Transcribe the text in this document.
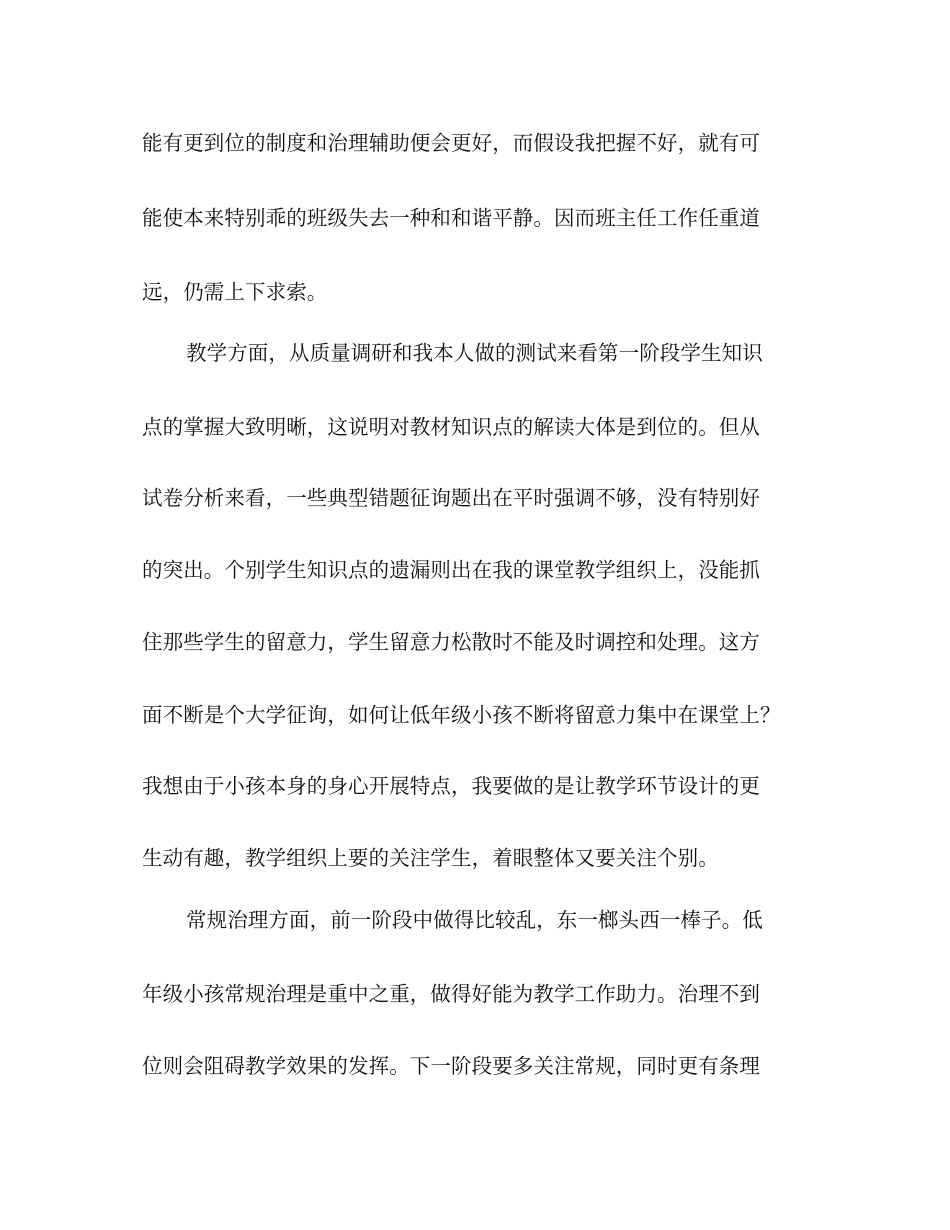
能有更到位的制度和治理辅助便会更好，而假设我把握不好，就有可
能使本来特别乖的班级失去一种和和谐平静。因而班主任工作任重道
远，仍需上下求索。
教学方面，从质量调研和我本人做的测试来看第一阶段学生知识
点的掌握大致明晰，这说明对教材知识点的解读大体是到位的。但从
试卷分析来看，一些典型错题征询题出在平时强调不够，没有特别好
的突出。个别学生知识点的遗漏则出在我的课堂教学组织上，没能抓
住那些学生的留意力，学生留意力松散时不能及时调控和处理。这方
面不断是个大学征询，如何让低年级小孩不断将留意力集中在课堂上？
我想由于小孩本身的身心开展特点，我要做的是让教学环节设计的更
生动有趣，教学组织上要的关注学生，着眼整体又要关注个别。
常规治理方面，前一阶段中做得比较乱，东一榔头西一棒子。低
年级小孩常规治理是重中之重，做得好能为教学工作助力。治理不到
位则会阻碍教学效果的发挥。下一阶段要多关注常规，同时更有条理
